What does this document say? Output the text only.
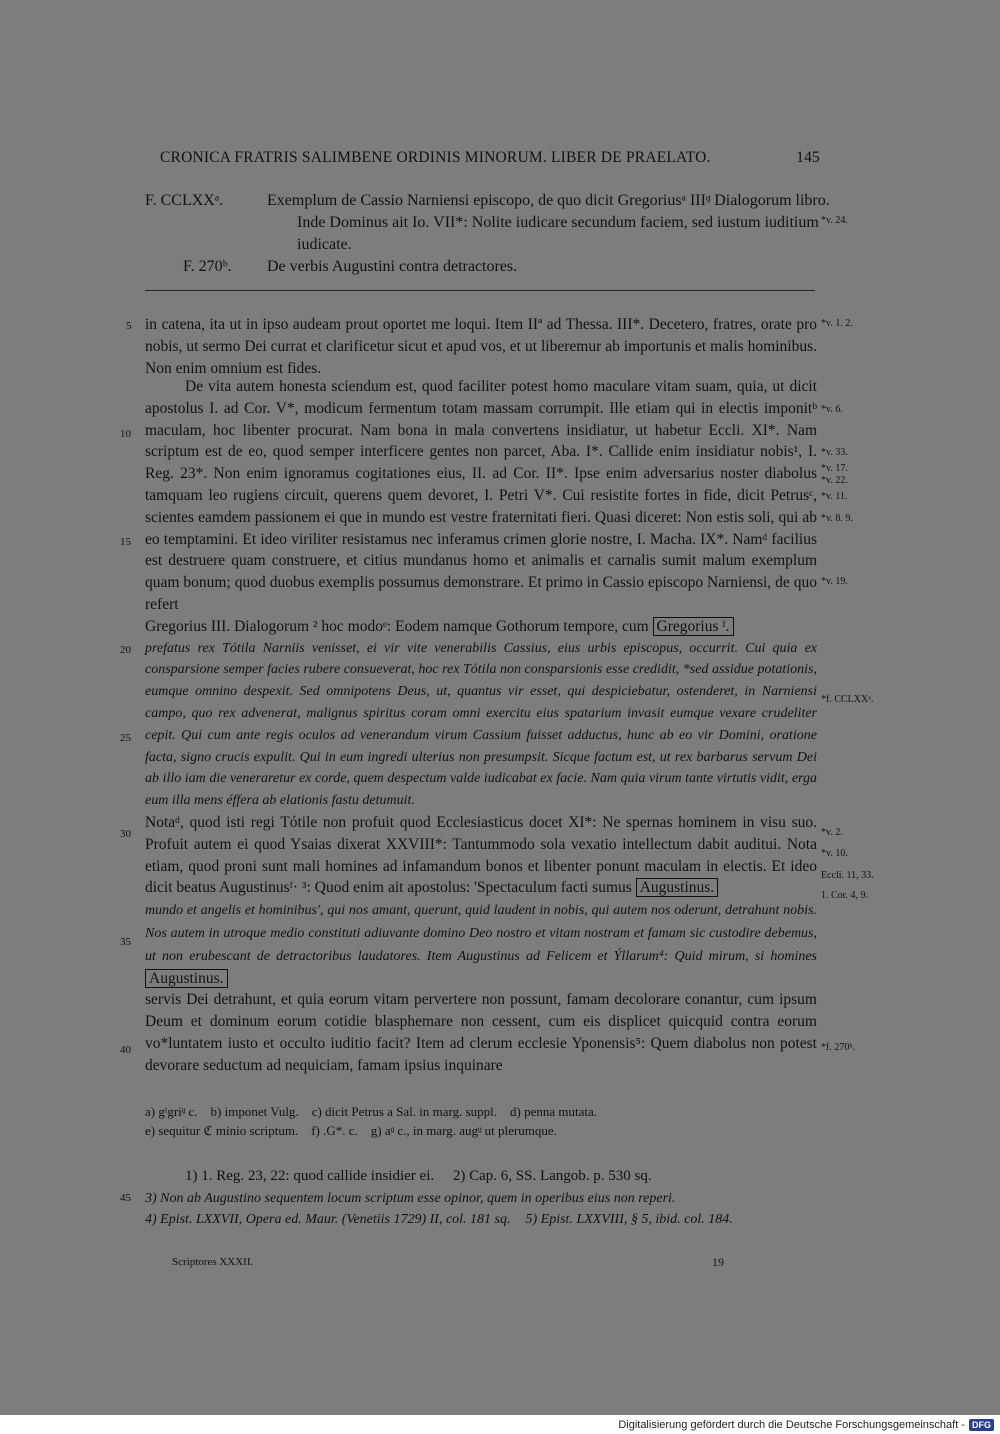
CRONICA FRATRIS SALIMBENE ORDINIS MINORUM. LIBER DE PRAELATO.	145
F. CCLXXᵃ.	Exemplum de Cassio Narniensi episcopo, de quo dicit Gregoriusᵃ IIIᶢ Dialogorum libro. Inde Dominus ait Io. VII*: Nolite iudicare secundum faciem, sed iustum iuditium iudicate.
F. 270ᵇ.	De verbis Augustini contra detractores.
5
10
15
20
25
30
35
40
45
*v. 24.
*v. 1. 2.
*v. 6.
*v. 33.
*v. 17. *v. 22.
*v. 11.
*v. 8. 9.
*v. 19.
*f. CCLXXᵃ.
*v. 2.
*v. 10.
Eccli. 11, 33.
1. Cor. 4, 9.
*f. 270ᵇ.

in catena, ita ut in ipso audeam prout oportet me loqui. Item IIª ad Thessa. III*. Decetero, fratres, orate pro nobis, ut sermo Dei currat et clarificetur sicut et apud vos, et ut liberemur ab importunis et malis hominibus. Non enim omnium est fides.

De vita autem honesta sciendum est, quod faciliter potest homo maculare vitam suam, quia, ut dicit apostolus I. ad Cor. V*, modicum fermentum totam massam corrumpit. Ille etiam qui in electis imponitᵇ maculam, hoc libenter procurat. Nam bona in mala convertens insidiatur, ut habetur Eccli. XI*. Nam scriptum est de eo, quod semper interficere gentes non parcet, Aba. I*. Callide enim insidiatur nobis¹, I. Reg. 23*. Non enim ignoramus cogitationes eius, II. ad Cor. II*. Ipse enim adversarius noster diabolus tamquam leo rugiens circuit, querens quem devoret, I. Petri V*. Cui resistite fortes in fide, dicit Petrusᶜ, scientes eamdem passionem ei que in mundo est vestre fraternitati fieri. Quasi diceret: Non estis soli, qui ab eo temptamini. Et ideo viriliter resistamus nec inferamus crimen glorie nostre, I. Macha. IX*. Namᵈ facilius est destruere quam construere, et citius mundanus homo et animalis et carnalis sumit malum exemplum quam bonum; quod duobus exemplis possumus demonstrare. Et primo in Cassio episcopo Narniensi, de quo refert

Gregorius III. Dialogorum ² hoc modoᵉ: Eodem namque Gothorum tempore, cum Gregorius ᶠ.

prefatus rex Tótila Narniis venisset, ei vir vite venerabilis Cassius, eius urbis episcopus, occurrit. Cui quia ex consparsione semper facies rubere consueverat, hoc rex Tótila non consparsionis esse credidit, *sed assidue potationis, eumque omnino despexit. Sed omnipotens Deus, ut, quantus vir esset, qui despiciebatur, ostenderet, in Narniensi campo, quo rex advenerat, malignus spiritus coram omni exercitu eius spatarium invasit eumque vexare crudeliter cepit. Qui cum ante regis oculos ad venerandum virum Cassium fuisset adductus, hunc ab eo vir Domini, oratione facta, signo crucis expulit. Qui in eum ingredi ulterius non presumpsit. Sicque factum est, ut rex barbarus servum Dei ab illo iam die veneraretur ex corde, quem despectum valde iudicabat ex facie. Nam quia virum tante virtutis vidit, erga eum illa mens éffera ab elationis fastu detumuit.

Notaᵈ, quod isti regi Tótile non profuit quod Ecclesiasticus docet XI*: Ne spernas hominem in visu suo. Profuit autem ei quod Ysaias dixerat XXVIII*: Tantummodo sola vexatio intellectum dabit auditui. Nota etiam, quod proni sunt mali homines ad infamandum bonos et libenter ponunt maculam in electis. Et ideo dicit beatus Augustinusᶠ· ³: Quod enim ait apostolus: 'Spectaculum facti sumus Augustinus.

mundo et angelis et hominibus', qui nos amant, querunt, quid laudent in nobis, qui autem nos oderunt, detrahunt nobis. Nos autem in utroque medio constituti adiuvante domino Deo nostro et vitam nostram et famam sic custodire debemus, ut non erubescant de detractoribus laudatores. Item Augustinus ad Felicem et Ýllarum⁴: Quid mirum, si homines Augustinus.

servis Dei detrahunt, et quia eorum vitam pervertere non possunt, famam decolorare conantur, cum ipsum Deum et dominum eorum cotidie blasphemare non cessent, cum eis displicet quicquid contra eorum vo*luntatem iusto et occulto iuditio facit? Item ad clerum ecclesie Yponensis⁵: Quem diabolus non potest devorare seductum ad nequiciam, famam ipsius inquinare

a) gᵗgriᶢ c. b) imponet Vulg. c) dicit Petrus a Sal. in marg. suppl. d) penna mutata.
e) sequitur ℭ minio scriptum. f) .G*. c. g) aᶢ c., in marg. augᶢ ut plerumque.
1) 1. Reg. 23, 22: quod callide insidier ei. 2) Cap. 6, SS. Langob. p. 530 sq.
3) Non ab Augustino sequentem locum scriptum esse opinor, quem in operibus eius non reperi.
4) Epist. LXXVII, Opera ed. Maur. (Venetiis 1729) II, col. 181 sq. 5) Epist. LXXVIII, § 5, ibid. col. 184.
Scriptores XXXII.	19
Digitalisierung gefördert durch die Deutsche Forschungsgemeinschaft - DFG
